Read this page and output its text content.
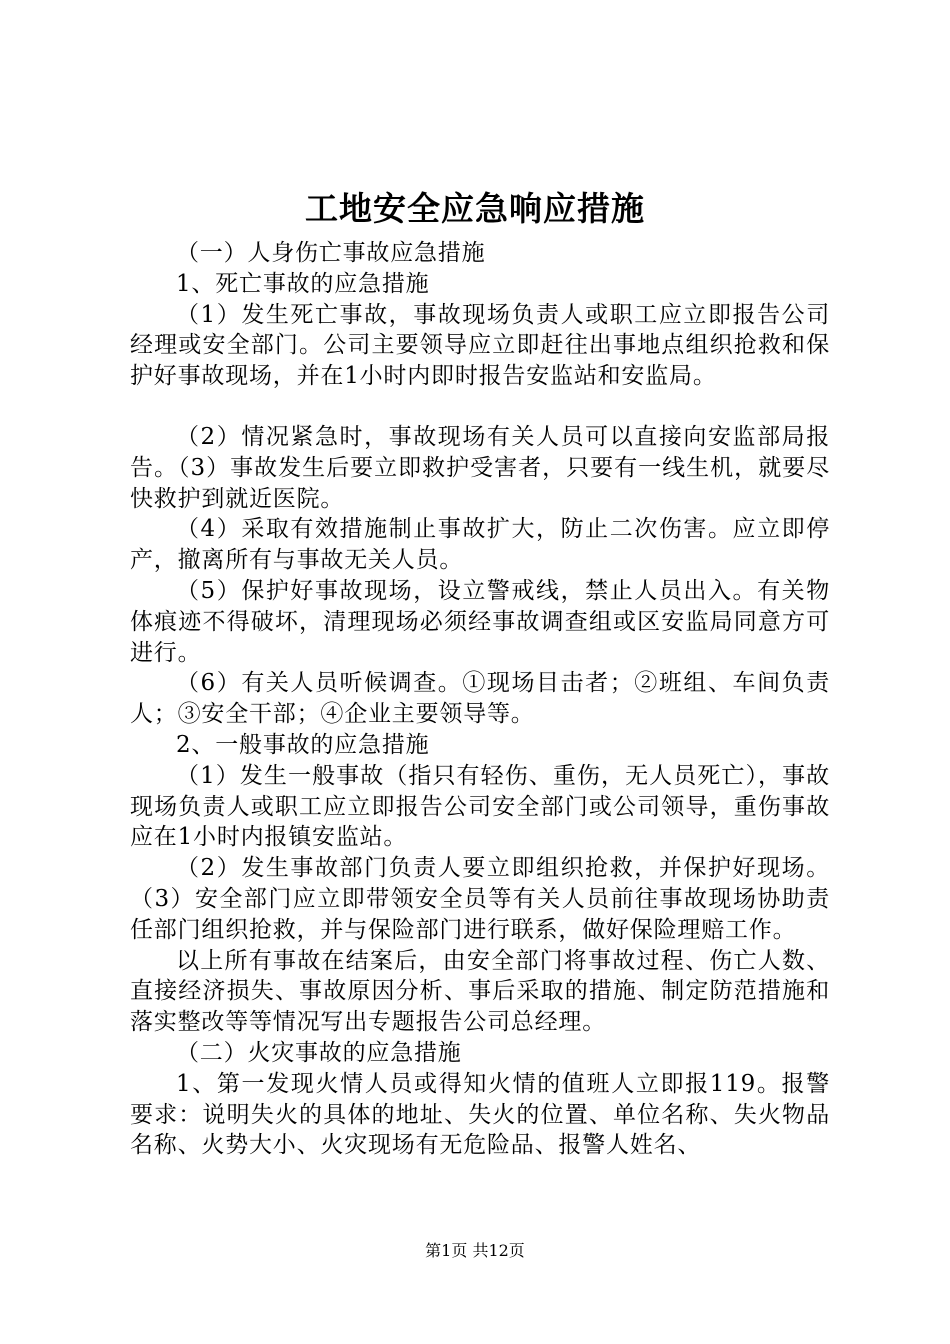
工地安全应急响应措施

（一）人身伤亡事故应急措施

1、死亡事故的应急措施

（1）发生死亡事故，事故现场负责人或职工应立即报告公司经理或安全部门。公司主要领导应立即赶往出事地点组织抢救和保护好事故现场，并在1小时内即时报告安监站和安监局。

（2）情况紧急时，事故现场有关人员可以直接向安监部局报告。（3）事故发生后要立即救护受害者，只要有一线生机，就要尽快救护到就近医院。

（4）采取有效措施制止事故扩大，防止二次伤害。应立即停产，撤离所有与事故无关人员。

（5）保护好事故现场，设立警戒线，禁止人员出入。有关物体痕迹不得破坏，清理现场必须经事故调查组或区安监局同意方可进行。

（6）有关人员听候调查。①现场目击者；②班组、车间负责人；③安全干部；④企业主要领导等。

2、一般事故的应急措施

（1）发生一般事故（指只有轻伤、重伤，无人员死亡），事故现场负责人或职工应立即报告公司安全部门或公司领导，重伤事故应在1小时内报镇安监站。

（2）发生事故部门负责人要立即组织抢救，并保护好现场。（3）安全部门应立即带领安全员等有关人员前往事故现场协助责任部门组织抢救，并与保险部门进行联系，做好保险理赔工作。

以上所有事故在结案后，由安全部门将事故过程、伤亡人数、直接经济损失、事故原因分析、事后采取的措施、制定防范措施和落实整改等等情况写出专题报告公司总经理。

（二）火灾事故的应急措施

1、第一发现火情人员或得知火情的值班人立即报119。报警要求：说明失火的具体的地址、失火的位置、单位名称、失火物品名称、火势大小、火灾现场有无危险品、报警人姓名、

第1页 共12页
